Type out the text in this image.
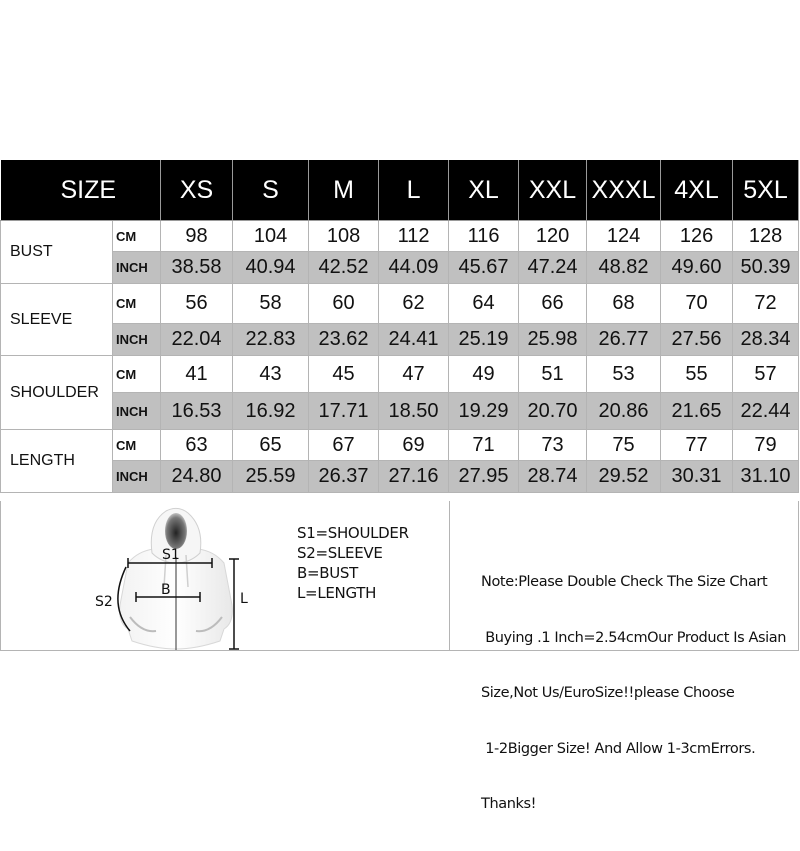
SIZE		XS	S	M	L	XL	XXL	XXXL	4XL	5XL
BUST	CM	98	104	108	112	116	120	124	126	128
	INCH	38.58	40.94	42.52	44.09	45.67	47.24	48.82	49.60	50.39
SLEEVE	CM	56	58	60	62	64	66	68	70	72
	INCH	22.04	22.83	23.62	24.41	25.19	25.98	26.77	27.56	28.34
SHOULDER	CM	41	43	45	47	49	51	53	55	57
	INCH	16.53	16.92	17.71	18.50	19.29	20.70	20.86	21.65	22.44
LENGTH	CM	63	65	67	69	71	73	75	77	79
	INCH	24.80	25.59	26.37	27.16	27.95	28.74	29.52	30.31	31.10
S1
B
S2	L
S1=SHOULDER
S2=SLEEVE
B=BUST
L=LENGTH

Note:Please Double Check The Size Chart

Buying .1 Inch=2.54cmOur Product Is Asian

Size,Not Us/EuroSize!!please Choose

1-2Bigger Size! And Allow 1-3cmErrors.

Thanks!
